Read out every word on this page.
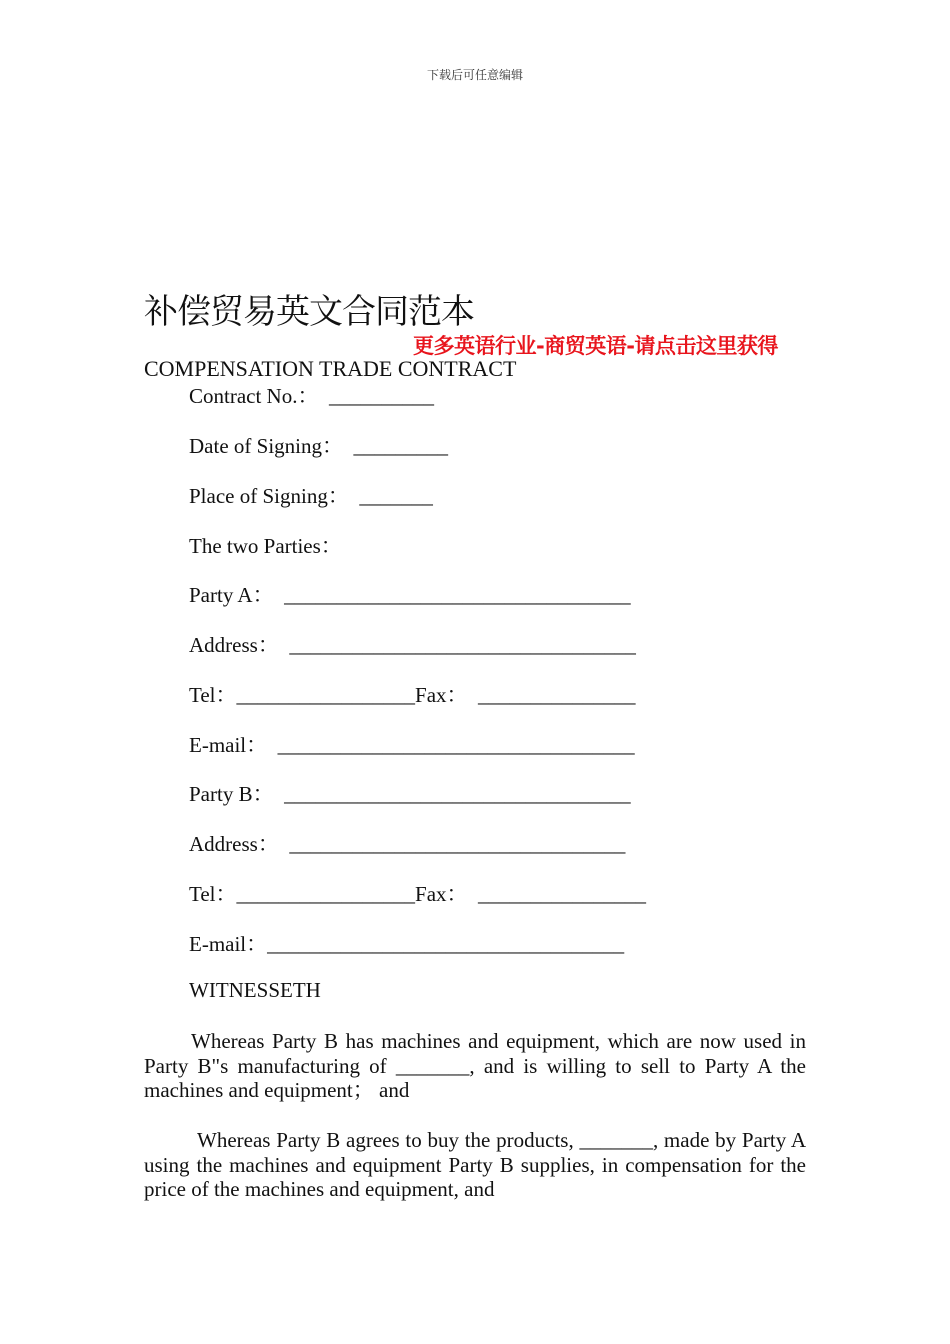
下载后可任意编辑
补偿贸易英文合同范本
更多英语行业-商贸英语-请点击这里获得
COMPENSATION TRADE CONTRACT
Contract No.：  __________
Date of Signing：  _________
Place of Signing：  _______
The two Parties：
Party A：  _________________________________
Address：  _________________________________
Tel：_________________Fax：  _______________
E-mail：  __________________________________
Party B：  _________________________________
Address：  ________________________________
Tel：_________________Fax：  ________________
E-mail：__________________________________
WITNESSETH
Whereas Party B has machines and equipment, which are now used in Party B"s manufacturing of _______, and is willing to sell to Party A the machines and equipment； and
Whereas Party B agrees to buy the products, _______, made by Party A using the machines and equipment Party B supplies, in compensation for the price of the machines and equipment, and
